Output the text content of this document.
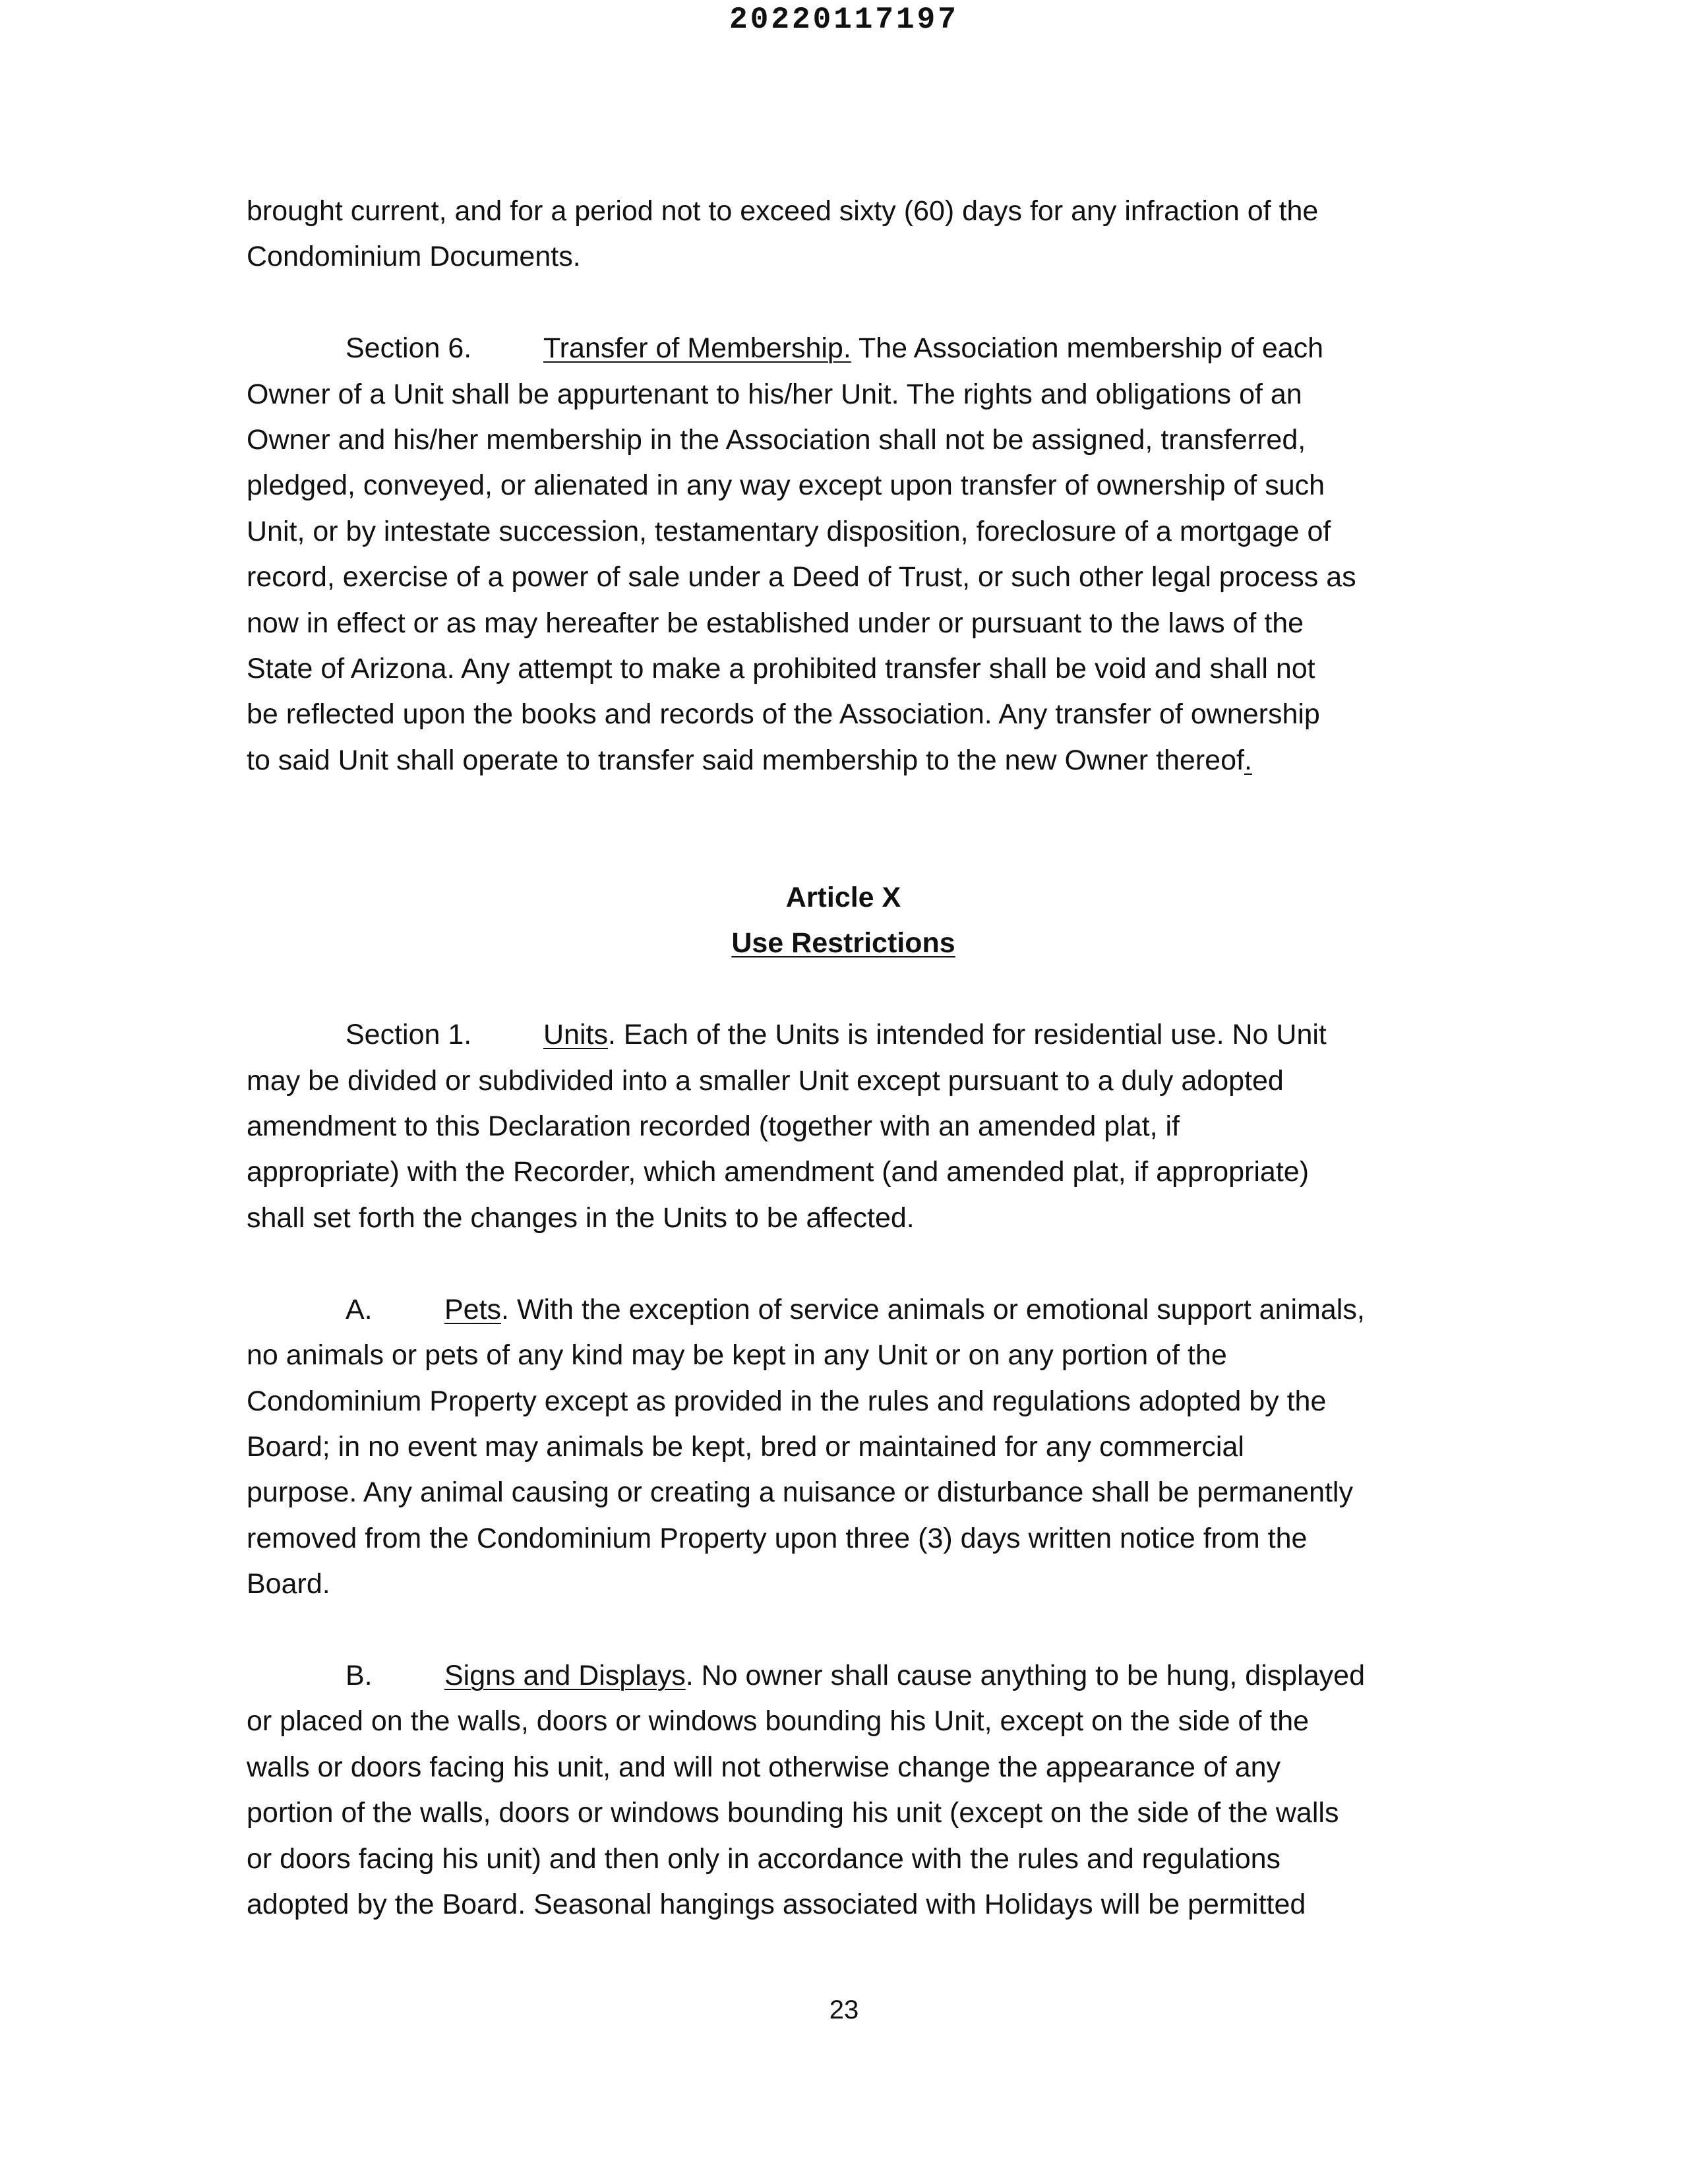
20220117197

brought current, and for a period not to exceed sixty (60) days for any infraction of the

Condominium Documents.

Section 6.	Transfer of Membership. The Association membership of each

Owner of a Unit shall be appurtenant to his/her Unit. The rights and obligations of an

Owner and his/her membership in the Association shall not be assigned, transferred,

pledged, conveyed, or alienated in any way except upon transfer of ownership of such

Unit, or by intestate succession, testamentary disposition, foreclosure of a mortgage of

record, exercise of a power of sale under a Deed of Trust, or such other legal process as

now in effect or as may hereafter be established under or pursuant to the laws of the

State of Arizona. Any attempt to make a prohibited transfer shall be void and shall not

be reflected upon the books and records of the Association. Any transfer of ownership

to said Unit shall operate to transfer said membership to the new Owner thereof.

Article X

Use Restrictions

Section 1.	Units. Each of the Units is intended for residential use. No Unit

may be divided or subdivided into a smaller Unit except pursuant to a duly adopted

amendment to this Declaration recorded (together with an amended plat, if

appropriate) with the Recorder, which amendment (and amended plat, if appropriate)

shall set forth the changes in the Units to be affected.

A.	Pets. With the exception of service animals or emotional support animals,

no animals or pets of any kind may be kept in any Unit or on any portion of the

Condominium Property except as provided in the rules and regulations adopted by the

Board; in no event may animals be kept, bred or maintained for any commercial

purpose. Any animal causing or creating a nuisance or disturbance shall be permanently

removed from the Condominium Property upon three (3) days written notice from the

Board.

B.	Signs and Displays. No owner shall cause anything to be hung, displayed

or placed on the walls, doors or windows bounding his Unit, except on the side of the

walls or doors facing his unit, and will not otherwise change the appearance of any

portion of the walls, doors or windows bounding his unit (except on the side of the walls

or doors facing his unit) and then only in accordance with the rules and regulations

adopted by the Board. Seasonal hangings associated with Holidays will be permitted

23
